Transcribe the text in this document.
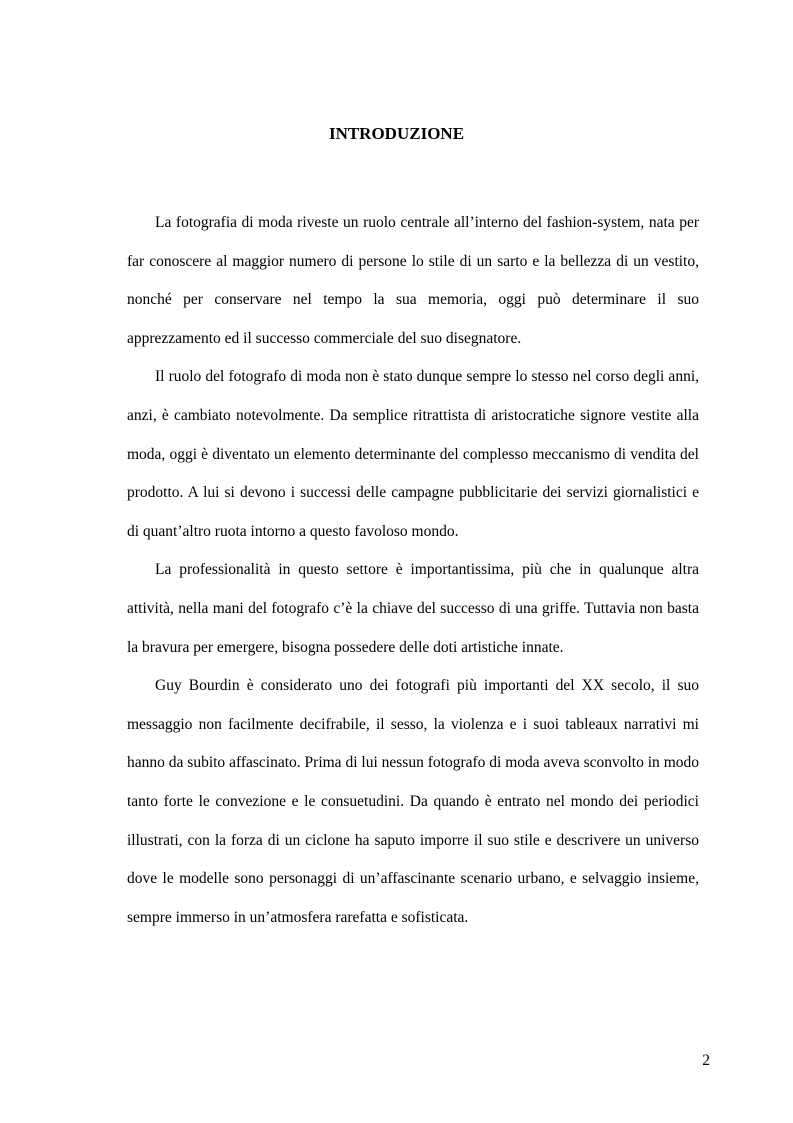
INTRODUZIONE

La fotografia di moda riveste un ruolo centrale all’interno del fashion-system, nata per far conoscere al maggior numero di persone lo stile di un sarto e la bellezza di un vestito, nonché per conservare nel tempo la sua memoria, oggi può determinare il suo apprezzamento ed il successo commerciale del suo disegnatore.

Il ruolo del fotografo di moda non è stato dunque sempre lo stesso nel corso degli anni, anzi, è cambiato notevolmente. Da semplice ritrattista di aristocratiche signore vestite alla moda, oggi è diventato un elemento determinante del complesso meccanismo di vendita del prodotto. A lui si devono i successi delle campagne pubblicitarie dei servizi giornalistici e di quant’altro ruota intorno a questo favoloso mondo.

La professionalità in questo settore è importantissima, più che in qualunque altra attività, nella mani del fotografo c’è la chiave del successo di una griffe. Tuttavia non basta la bravura per emergere, bisogna possedere delle doti artistiche innate.

Guy Bourdin è considerato uno dei fotografi più importanti del XX secolo, il suo messaggio non facilmente decifrabile, il sesso, la violenza e i suoi tableaux narrativi mi hanno da subito affascinato. Prima di lui nessun fotografo di moda aveva sconvolto in modo tanto forte le convezione e le consuetudini. Da quando è entrato nel mondo dei periodici illustrati, con la forza di un ciclone ha saputo imporre il suo stile e descrivere un universo dove le modelle sono personaggi di un’affascinante scenario urbano, e selvaggio insieme, sempre immerso in un’atmosfera rarefatta e sofisticata.

2
